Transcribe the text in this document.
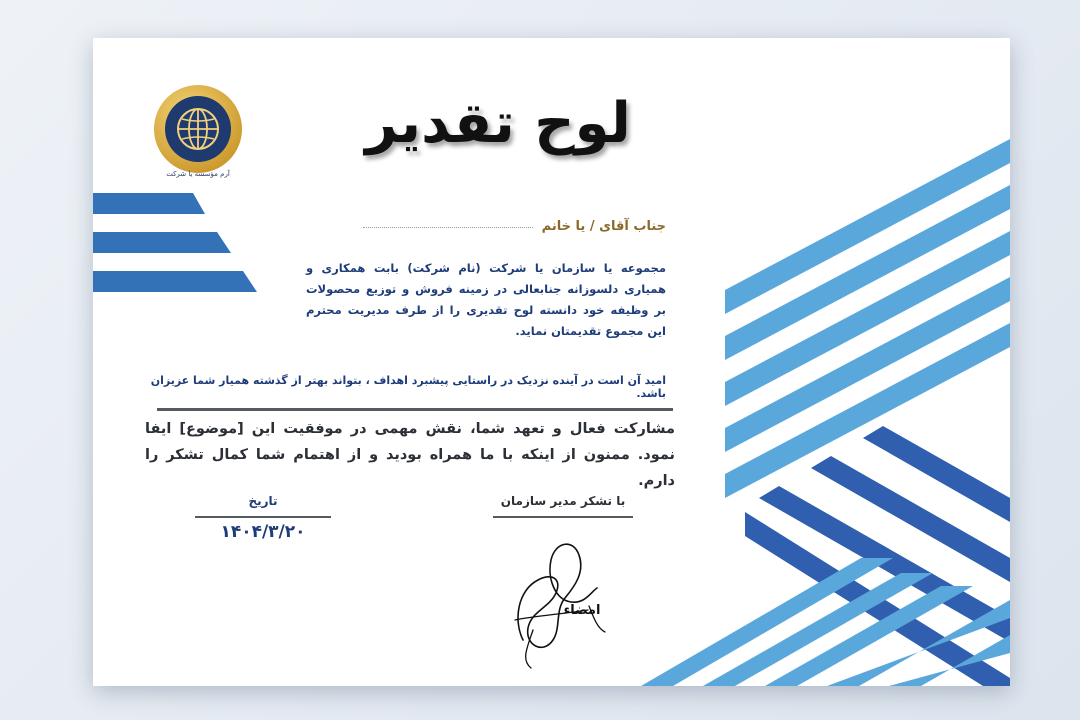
آرم مؤسسه یا شرکت
لوح تقدیر
جناب آقای / یا خانم
مجموعه یا سازمان یا شرکت (نام شرکت) بابت همکاری و همیاری دلسوزانه جنابعالی در زمینه فروش و توزیع محصولات بر وظیفه خود دانسته لوح تقدیری را از طرف مدیریت محترم این مجموع تقدیمتان نماید.
امید آن است در آینده نزدیک در راستایی پیشبرد اهداف ، بتواند بهتر از گذشته همیار شما عزیزان باشد.
مشارکت فعال و تعهد شما، نقش مهمی در موفقیت این [موضوع] ایفا نمود. ممنون از اینکه با ما همراه بودید و از اهتمام شما کمال تشکر را دارم.
با تشکر مدیر سازمان
تاریخ
۱۴۰۴/۳/۲۰
امضاء
